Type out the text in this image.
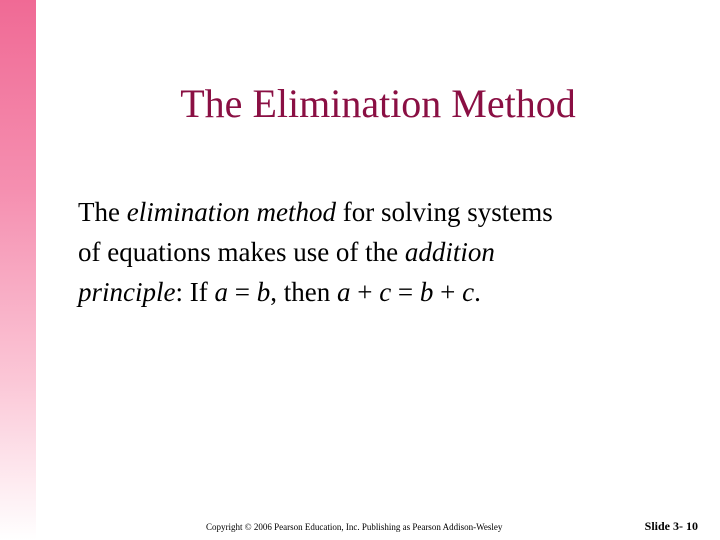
The Elimination Method
The elimination method for solving systems
of equations makes use of the addition
principle: If a = b, then a + c = b + c.
Copyright © 2006 Pearson Education, Inc. Publishing as Pearson Addison-Wesley	Slide 3- 10
